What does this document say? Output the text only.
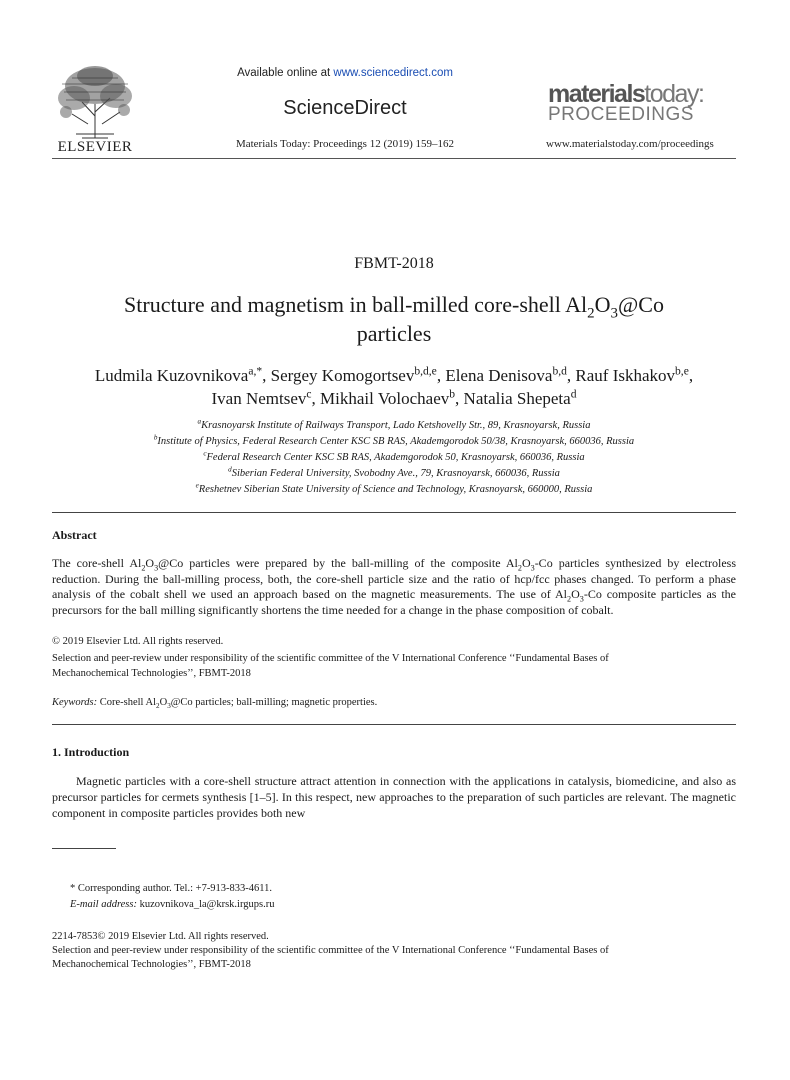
ELSEVIER
Available online at www.sciencedirect.com
ScienceDirect
Materials Today: Proceedings 12 (2019) 159–162
materialstoday:
PROCEEDINGS
www.materialstoday.com/proceedings
FBMT-2018
Structure and magnetism in ball-milled core-shell $Al_2O_3@Co$
particles
Ludmila Kuzovnikova$^{a,*}$, Sergey Komogortsev$^{b,d,e}$, Elena Denisova$^{b,d}$, Rauf Iskhakov$^{b,e}$,
Ivan Nemtsev$^c$, Mikhail Volochaev$^b$, Natalia Shepeta$^d$
$^a$Krasnoyarsk Institute of Railways Transport, Lado Ketshovelly Str., 89, Krasnoyarsk, Russia
$^b$Institute of Physics, Federal Research Center KSC SB RAS, Akademgorodok 50/38, Krasnoyarsk, 660036, Russia
$^c$Federal Research Center KSC SB RAS, Akademgorodok 50, Krasnoyarsk, 660036, Russia
$^d$Siberian Federal University, Svobodny Ave., 79, Krasnoyarsk, 660036, Russia
$^e$Reshetnev Siberian State University of Science and Technology, Krasnoyarsk, 660000, Russia
Abstract
The core-shell $Al_2O_3@Co$ particles were prepared by the ball-milling of the composite $Al_2O_3-Co$ particles synthesized by electroless reduction. During the ball-milling process, both, the core-shell particle size and the ratio of hcp/fcc phases changed. To perform a phase analysis of the cobalt shell we used an approach based on the magnetic measurements. The use of $Al_2O_3-Co$ composite particles as the precursors for the ball milling significantly shortens the time needed for a change in the phase composition of cobalt.
© 2019 Elsevier Ltd. All rights reserved.
Selection and peer-review under responsibility of the scientific committee of the V International Conference ‘‘Fundamental Bases of
Mechanochemical Technologies’’, FBMT-2018
Keywords: Core-shell $Al_2O_3@Co$ particles; ball-milling; magnetic properties.
1. Introduction
Magnetic particles with a core-shell structure attract attention in connection with the applications in catalysis, biomedicine, and also as precursor particles for cermets synthesis [1–5]. In this respect, new approaches to the preparation of such particles are relevant. The magnetic component in composite particles provides both new
* Corresponding author. Tel.: +7-913-833-4611.
E-mail address: kuzovnikova_la@krsk.irgups.ru
2214-7853© 2019 Elsevier Ltd. All rights reserved.
Selection and peer-review under responsibility of the scientific committee of the V International Conference ‘‘Fundamental Bases of
Mechanochemical Technologies’’, FBMT-2018
